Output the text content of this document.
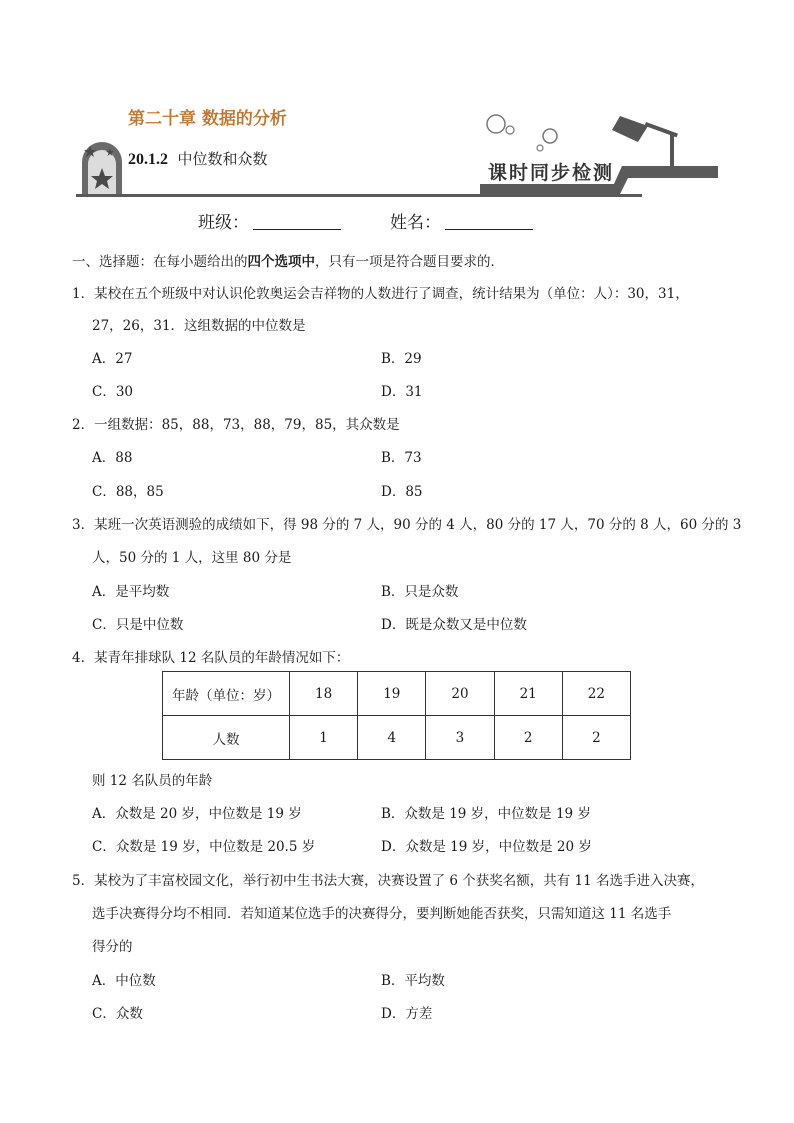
第二十章 数据的分析
20.1.2 中位数和众数
课时同步检测
班级：	姓名：
一、选择题：在每小题给出的四个选项中，只有一项是符合题目要求的．
1．某校在五个班级中对认识伦敦奥运会吉祥物的人数进行了调查，统计结果为（单位：人）：30，31，
27，26，31．这组数据的中位数是
A．27	B．29
C．30	D．31
2．一组数据：85，88，73，88，79，85，其众数是
A．88	B．73
C．88，85	D．85
3．某班一次英语测验的成绩如下，得 98 分的 7 人，90 分的 4 人，80 分的 17 人，70 分的 8 人，60 分的 3
人，50 分的 1 人，这里 80 分是
A．是平均数	B．只是众数
C．只是中位数	D．既是众数又是中位数
4．某青年排球队 12 名队员的年龄情况如下：
年龄（单位：岁）	18	19	20	21	22
人数	1	4	3	2	2
则 12 名队员的年龄
A．众数是 20 岁，中位数是 19 岁	B．众数是 19 岁，中位数是 19 岁
C．众数是 19 岁，中位数是 20.5 岁	D．众数是 19 岁，中位数是 20 岁
5．某校为了丰富校园文化，举行初中生书法大赛，决赛设置了 6 个获奖名额，共有 11 名选手进入决赛，
选手决赛得分均不相同．若知道某位选手的决赛得分，要判断她能否获奖，只需知道这 11 名选手
得分的
A．中位数	B．平均数
C．众数	D．方差
